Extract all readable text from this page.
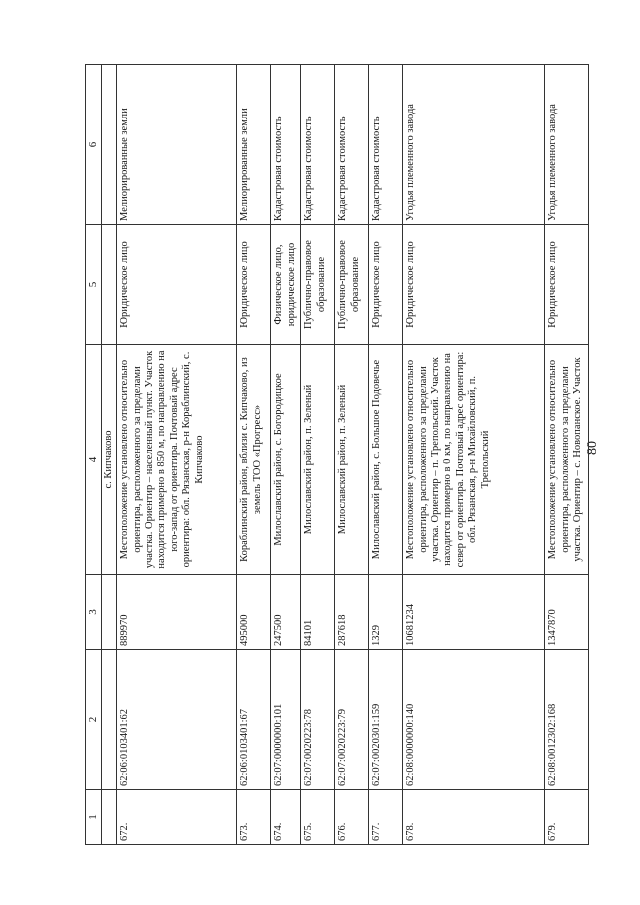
80
1	2	3	4	5	6
			с. Кипчаково		
672.	62:06:0103401:62	889970	Местоположение установлено относительно ориентира, расположенного за пределами участка. Ориентир – населенный пункт. Участок находится примерно в 850 м, по направлению на юго-запад от ориентира. Почтовый адрес ориентира: обл. Рязанская, р-н Кораблинский, с. Кипчаково	Юридическое лицо	Мелиорированные земли
673.	62:06:0103401:67	495000	Кораблинский район, вблизи с. Кипчаково, из земель ТОО «Прогресс»	Юридическое лицо	Мелиорированные земли
674.	62:07:0000000:101	247500	Милославский район, с. Богородицкое	Физическое лицо, юридическое лицо	Кадастровая стоимость
675.	62:07:0020223:78	84101	Милославский район, п. Зеленый	Публично-правовое образование	Кадастровая стоимость
676.	62:07:0020223:79	287618	Милославский район, п. Зеленый	Публично-правовое образование	Кадастровая стоимость
677.	62:07:0020301:159	1329	Милославский район, с. Большое Подовечье	Юридическое лицо	Кадастровая стоимость
678.	62:08:0000000:140	10681234	Местоположение установлено относительно ориентира, расположенного за пределами участка. Ориентир – п. Трепольский. Участок находится примерно в 0 км, по направлению на север от ориентира. Почтовый адрес ориентира: обл. Рязанская, р-н Михайловский, п. Трепольский	Юридическое лицо	Угодья племенного завода
679.	62:08:0012302:168	1347870	Местоположение установлено относительно ориентира, расположенного за пределами участка. Ориентир – с. Новопанское. Участок	Юридическое лицо	Угодья племенного завода
